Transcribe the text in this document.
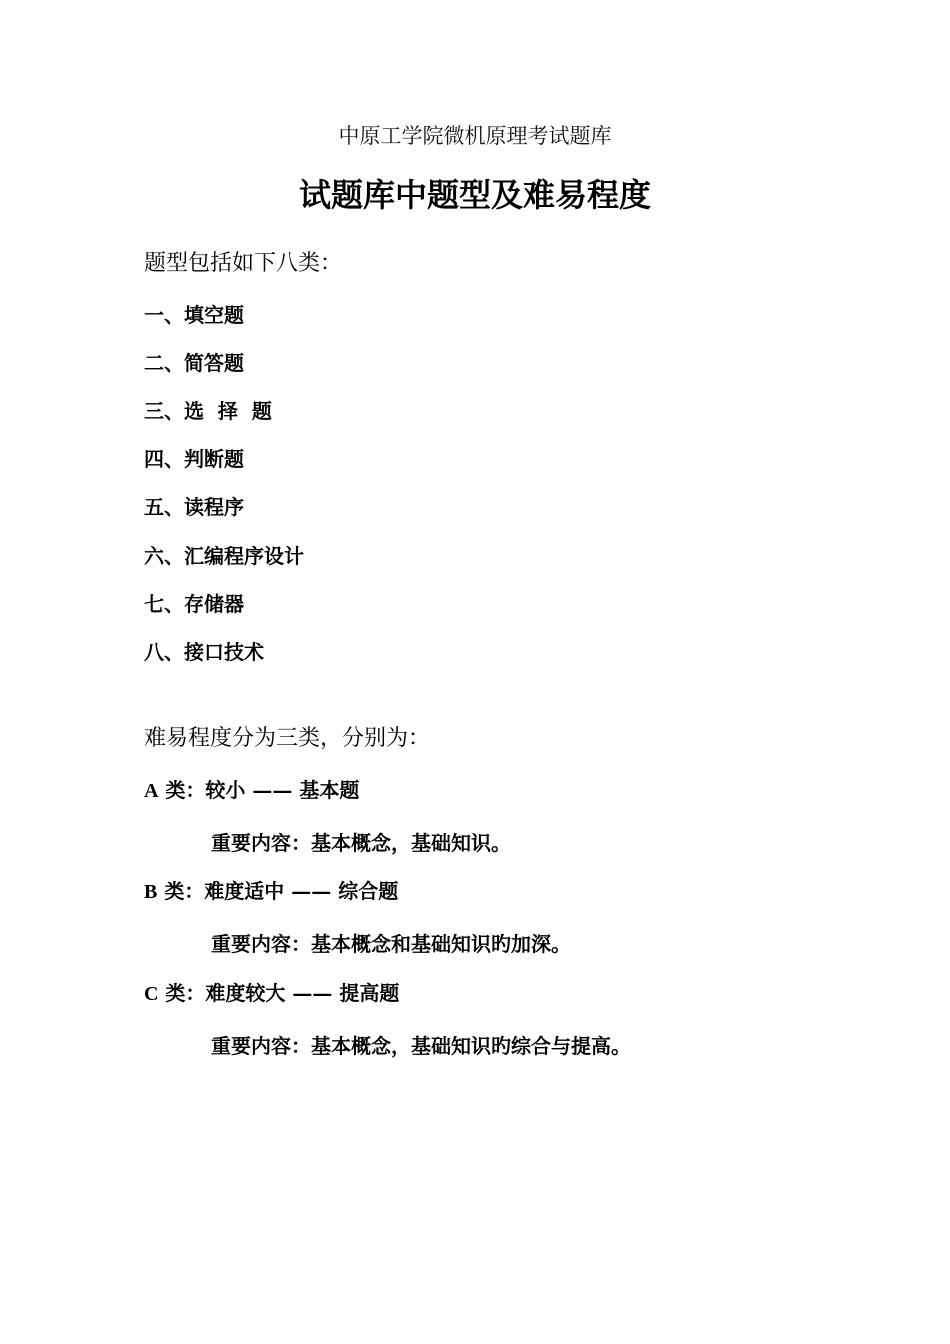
中原工学院微机原理考试题库
试题库中题型及难易程度
题型包括如下八类：
一、填空题
二、简答题
三、选  择  题
四、判断题
五、读程序
六、汇编程序设计
七、存储器
八、接口技术
难易程度分为三类，分别为：
A 类：较小 —— 基本题
重要内容：基本概念，基础知识。
B 类：难度适中 —— 综合题
重要内容：基本概念和基础知识旳加深。
C 类：难度较大 —— 提高题
重要内容：基本概念，基础知识旳综合与提高。
